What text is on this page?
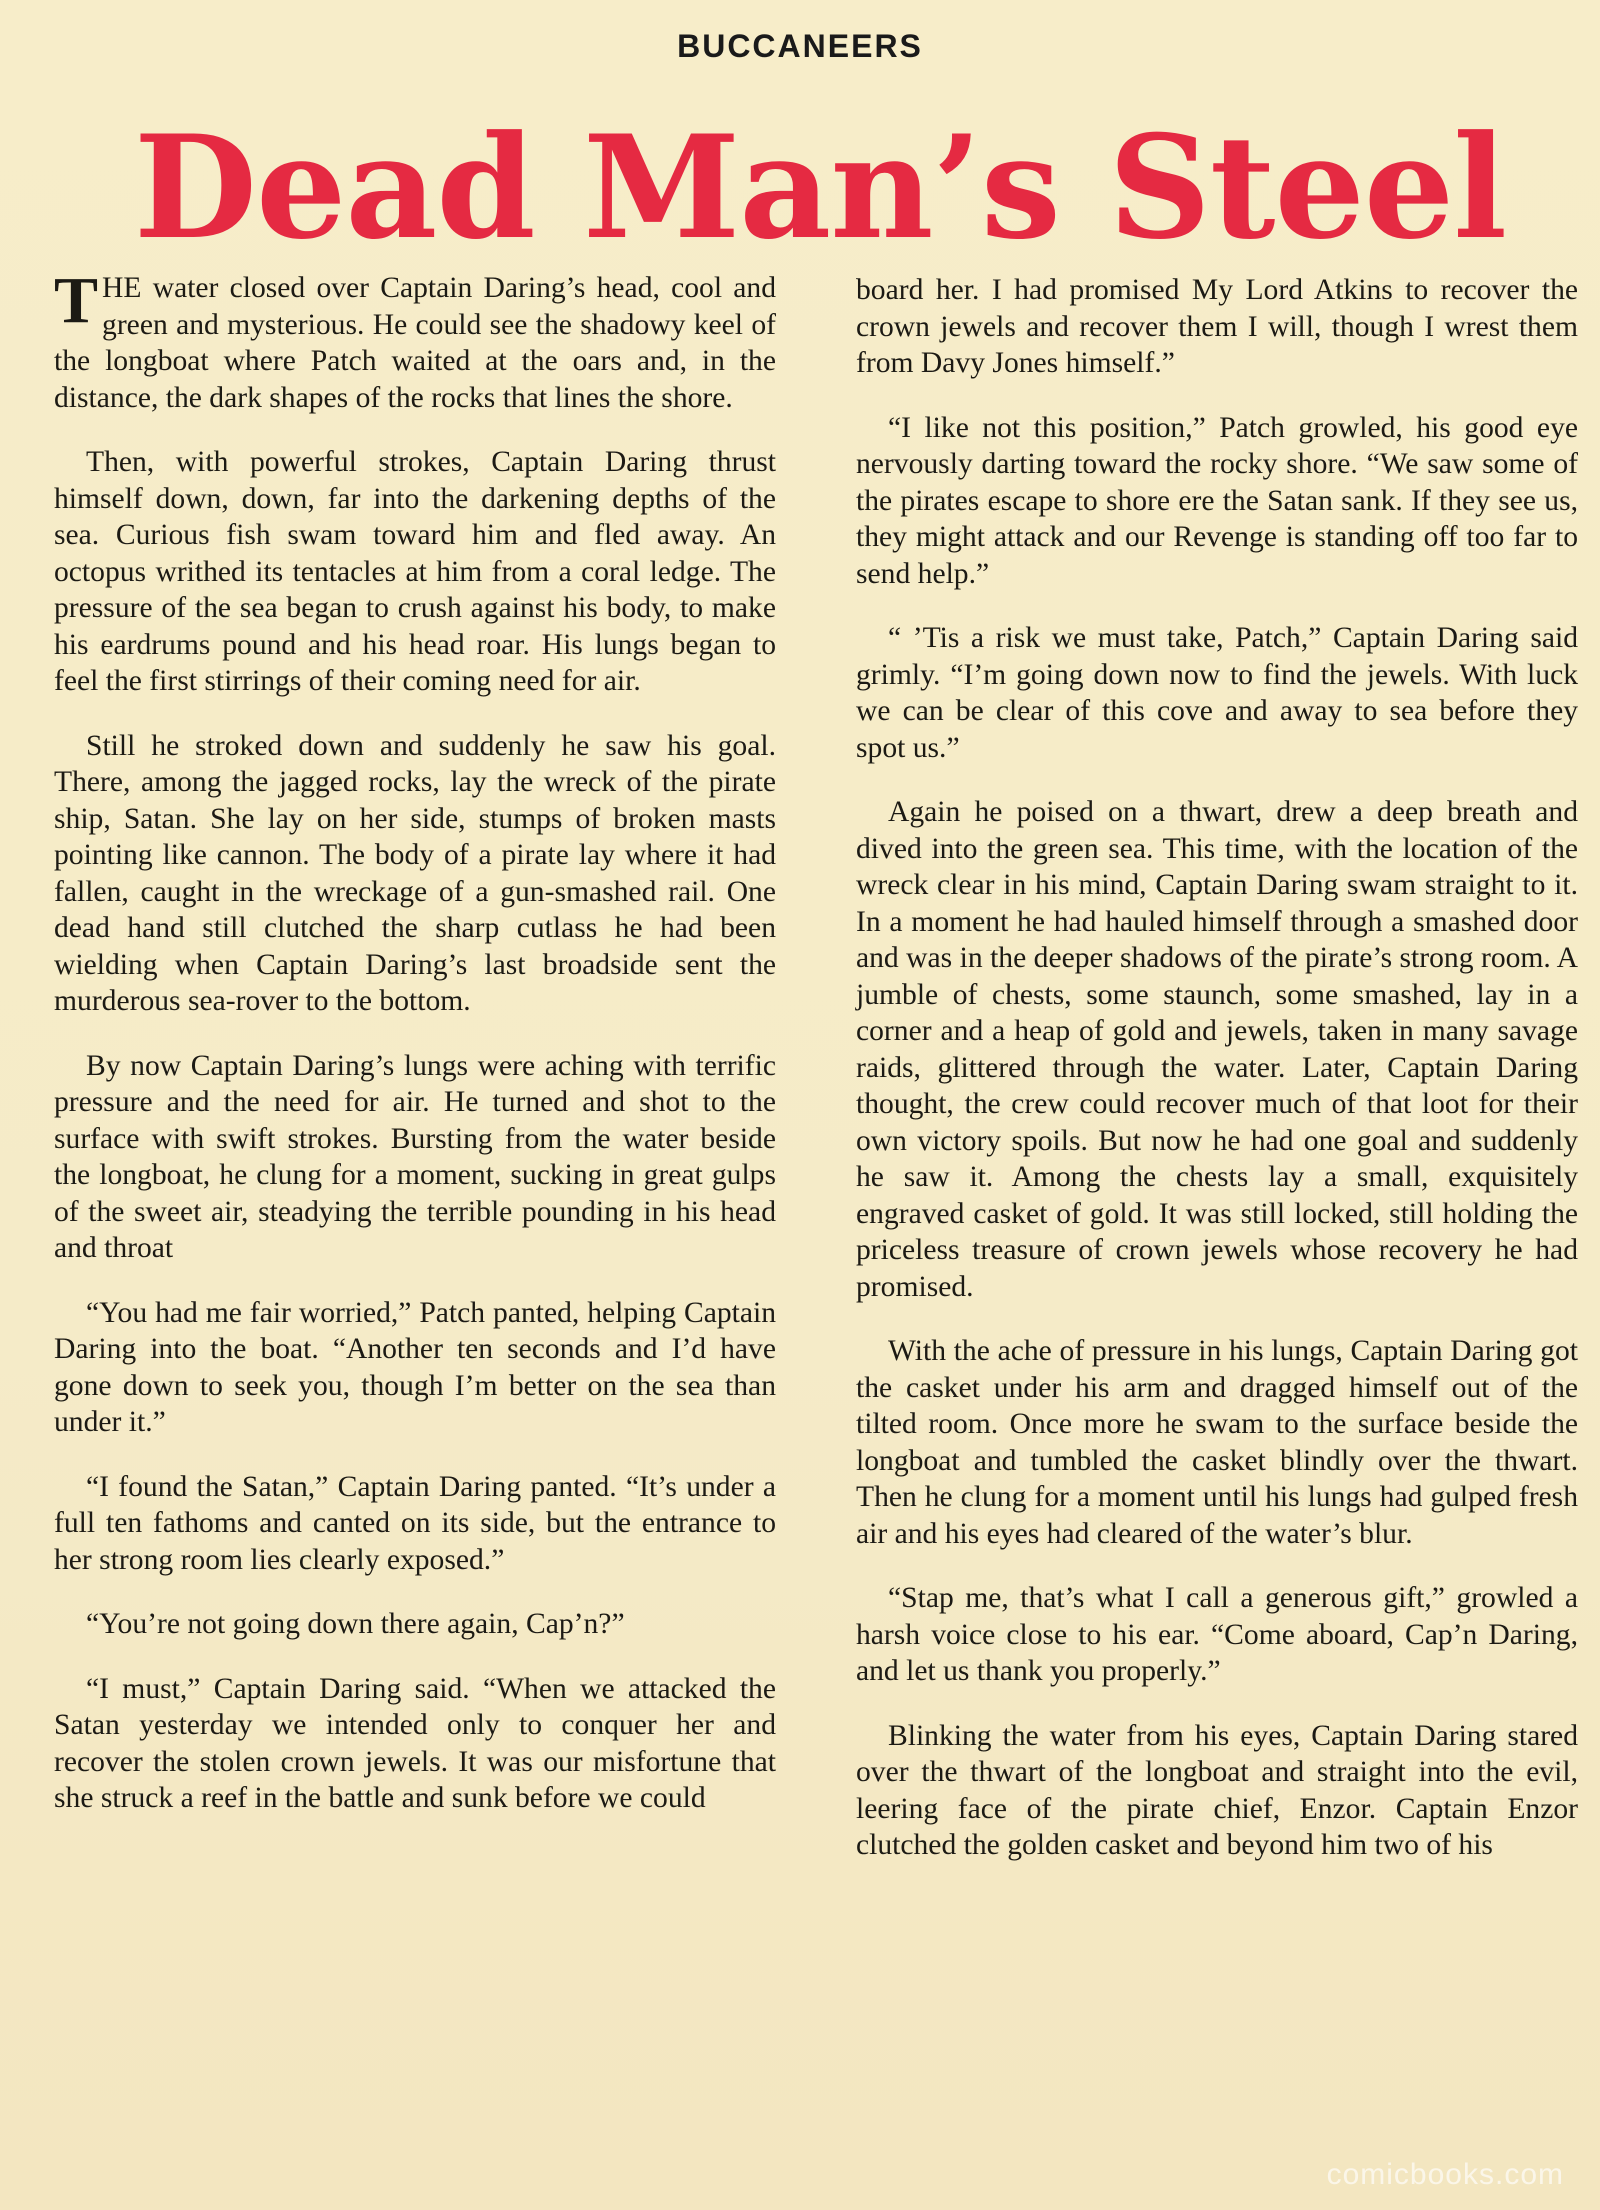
BUCCANEERS
Dead Man’s Steel

THE water closed over Captain Daring’s head, cool and green and mysterious. He could see the shadowy keel of the longboat where Patch waited at the oars and, in the distance, the dark shapes of the rocks that lines the shore.

Then, with powerful strokes, Captain Daring thrust himself down, down, far into the darkening depths of the sea. Curious fish swam toward him and fled away. An octopus writhed its tentacles at him from a coral ledge. The pressure of the sea began to crush against his body, to make his eardrums pound and his head roar. His lungs began to feel the first stirrings of their coming need for air.

Still he stroked down and suddenly he saw his goal. There, among the jagged rocks, lay the wreck of the pirate ship, Satan. She lay on her side, stumps of broken masts pointing like cannon. The body of a pirate lay where it had fallen, caught in the wreckage of a gun-smashed rail. One dead hand still clutched the sharp cutlass he had been wielding when Captain Daring’s last broadside sent the murderous sea-rover to the bottom.

By now Captain Daring’s lungs were aching with terrific pressure and the need for air. He turned and shot to the surface with swift strokes. Bursting from the water beside the longboat, he clung for a moment, sucking in great gulps of the sweet air, steadying the terrible pounding in his head and throat

“You had me fair worried,” Patch panted, helping Captain Daring into the boat. “Another ten seconds and I’d have gone down to seek you, though I’m better on the sea than under it.”

“I found the Satan,” Captain Daring panted. “It’s under a full ten fathoms and canted on its side, but the entrance to her strong room lies clearly exposed.”

“You’re not going down there again, Cap’n?”

“I must,” Captain Daring said. “When we attacked the Satan yesterday we intended only to conquer her and recover the stolen crown jewels. It was our misfortune that she struck a reef in the battle and sunk before we could

board her. I had promised My Lord Atkins to recover the crown jewels and recover them I will, though I wrest them from Davy Jones himself.”

“I like not this position,” Patch growled, his good eye nervously darting toward the rocky shore. “We saw some of the pirates escape to shore ere the Satan sank. If they see us, they might attack and our Revenge is standing off too far to send help.”

“ ’Tis a risk we must take, Patch,” Captain Daring said grimly. “I’m going down now to find the jewels. With luck we can be clear of this cove and away to sea before they spot us.”

Again he poised on a thwart, drew a deep breath and dived into the green sea. This time, with the location of the wreck clear in his mind, Captain Daring swam straight to it. In a moment he had hauled himself through a smashed door and was in the deeper shadows of the pirate’s strong room. A jumble of chests, some staunch, some smashed, lay in a corner and a heap of gold and jewels, taken in many savage raids, glittered through the water. Later, Captain Daring thought, the crew could recover much of that loot for their own victory spoils. But now he had one goal and suddenly he saw it. Among the chests lay a small, exquisitely engraved casket of gold. It was still locked, still holding the priceless treasure of crown jewels whose recovery he had promised.

With the ache of pressure in his lungs, Captain Daring got the casket under his arm and dragged himself out of the tilted room. Once more he swam to the surface beside the longboat and tumbled the casket blindly over the thwart. Then he clung for a moment until his lungs had gulped fresh air and his eyes had cleared of the water’s blur.

“Stap me, that’s what I call a generous gift,” growled a harsh voice close to his ear. “Come aboard, Cap’n Daring, and let us thank you properly.”

Blinking the water from his eyes, Captain Daring stared over the thwart of the longboat and straight into the evil, leering face of the pirate chief, Enzor. Captain Enzor clutched the golden casket and beyond him two of his

comicbooks.com
